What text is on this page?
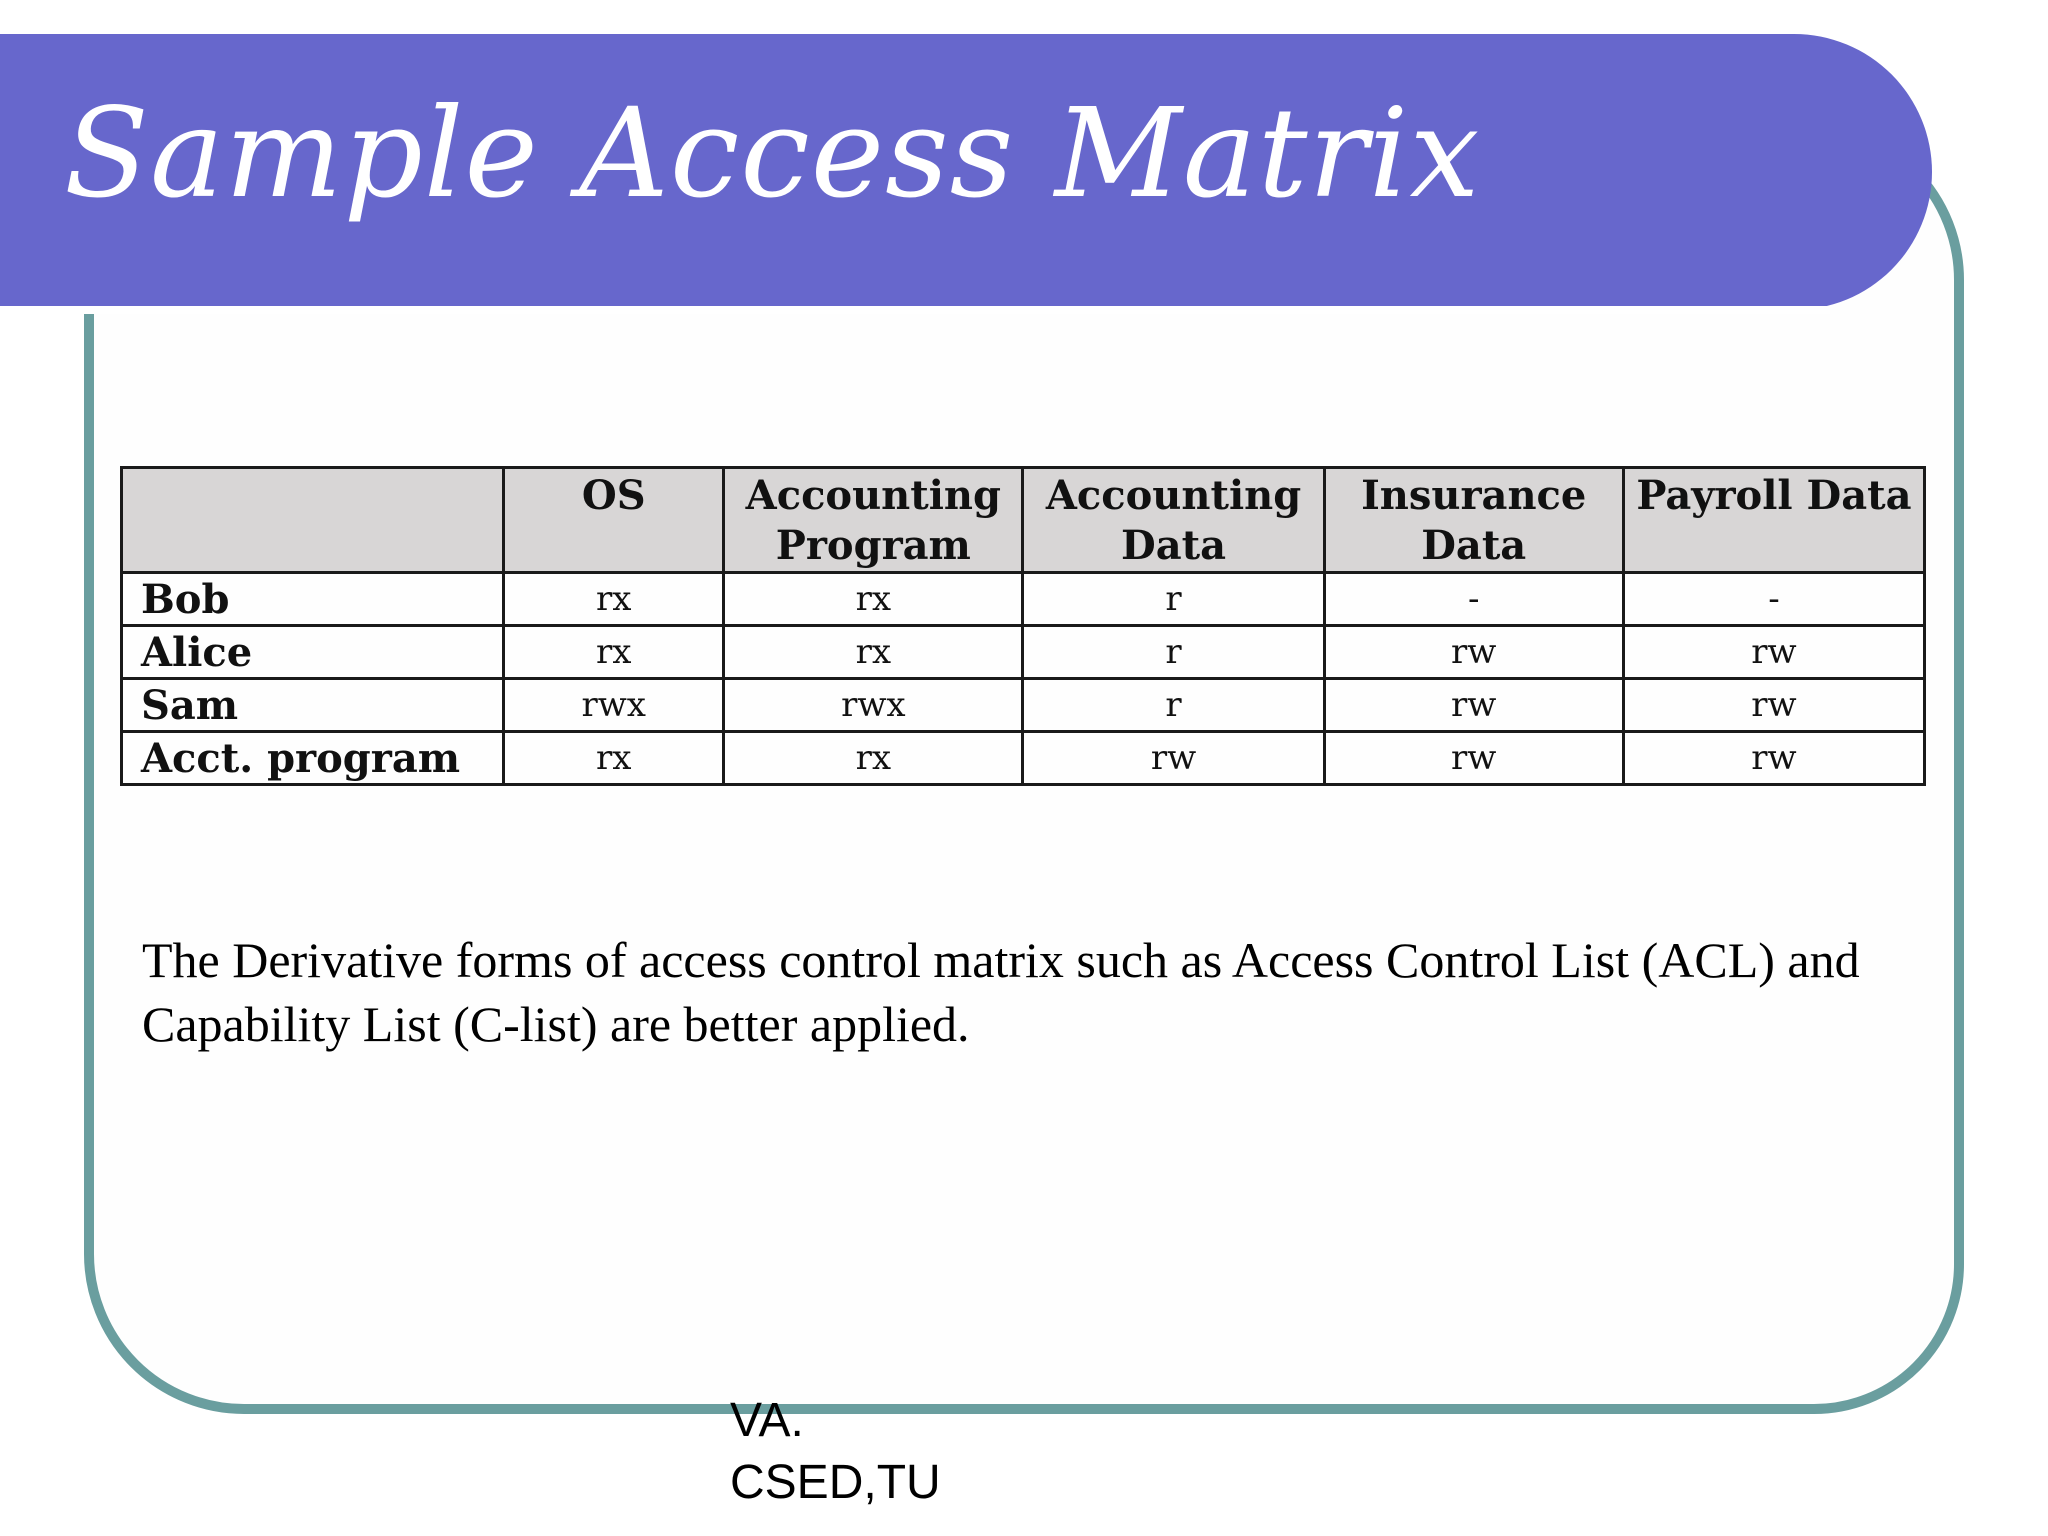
Sample Access Matrix
	OS	Accounting Program	Accounting Data	Insurance Data	Payroll Data
Bob	rx	rx	r	-	-
Alice	rx	rx	r	rw	rw
Sam	rwx	rwx	r	rw	rw
Acct. program	rx	rx	rw	rw	rw

The Derivative forms of access control matrix such as Access Control List (ACL) and Capability List (C-list) are better applied.

VA.
CSED,TU
